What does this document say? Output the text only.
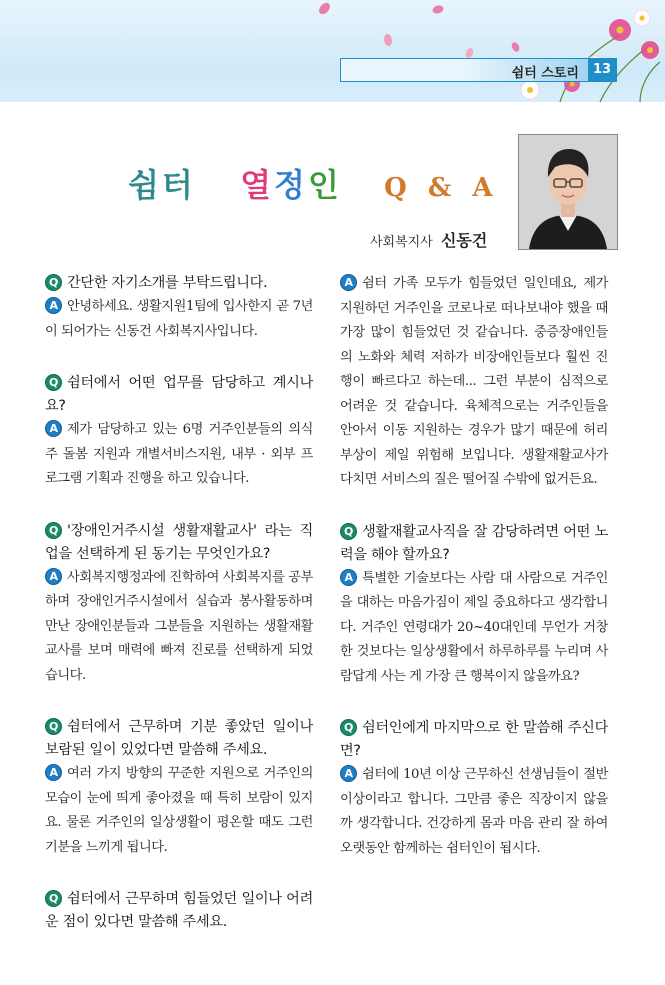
쉼터 스토리	13
쉼터 열정인 Q & A
사회복지사 신동건
Q 간단한 자기소개를 부탁드립니다.
A 안녕하세요. 생활지원1팀에 입사한지 곧 7년이 되어가는 신동건 사회복지사입니다.
Q 쉼터에서 어떤 업무를 담당하고 계시나요?
A 제가 담당하고 있는 6명 거주인분들의 의식주 돌봄 지원과 개별서비스지원, 내부 · 외부 프로그램 기획과 진행을 하고 있습니다.
Q '장애인거주시설 생활재활교사' 라는 직업을 선택하게 된 동기는 무엇인가요?
A 사회복지행정과에 진학하여 사회복지를 공부하며 장애인거주시설에서 실습과 봉사활동하며 만난 장애인분들과 그분들을 지원하는 생활재활교사를 보며 매력에 빠져 진로를 선택하게 되었습니다.
Q 쉼터에서 근무하며 기분 좋았던 일이나 보람된 일이 있었다면 말씀해 주세요.
A 여러 가지 방향의 꾸준한 지원으로 거주인의 모습이 눈에 띄게 좋아졌을 때 특히 보람이 있지요. 물론 거주인의 일상생활이 평온할 때도 그런 기분을 느끼게 됩니다.
Q 쉼터에서 근무하며 힘들었던 일이나 어려운 점이 있다면 말씀해 주세요.
A 쉼터 가족 모두가 힘들었던 일인데요, 제가 지원하던 거주인을 코로나로 떠나보내야 했을 때 가장 많이 힘들었던 것 같습니다. 중증장애인들의 노화와 체력 저하가 비장애인들보다 훨씬 진행이 빠르다고 하는데... 그런 부분이 심적으로 어려운 것 같습니다. 육체적으로는 거주인들을 안아서 이동 지원하는 경우가 많기 때문에 허리 부상이 제일 위험해 보입니다. 생활재활교사가 다치면 서비스의 질은 떨어질 수밖에 없거든요.
Q 생활재활교사직을 잘 감당하려면 어떤 노력을 해야 할까요?
A 특별한 기술보다는 사람 대 사람으로 거주인을 대하는 마음가짐이 제일 중요하다고 생각합니다. 거주인 연령대가 20~40대인데 무언가 거창한 것보다는 일상생활에서 하루하루를 누리며 사람답게 사는 게 가장 큰 행복이지 않을까요?
Q 쉼터인에게 마지막으로 한 말씀해 주신다면?
A 쉼터에 10년 이상 근무하신 선생님들이 절반 이상이라고 합니다. 그만큼 좋은 직장이지 않을까 생각합니다. 건강하게 몸과 마음 관리 잘 하여 오랫동안 함께하는 쉼터인이 됩시다.
